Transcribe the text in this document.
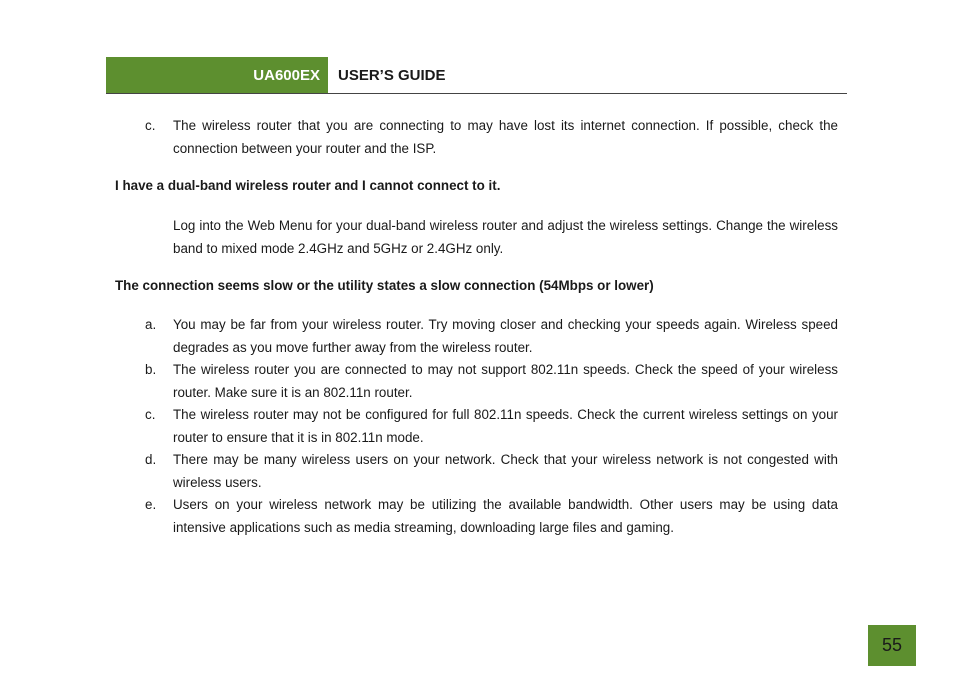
UA600EX USER’S GUIDE
c. The wireless router that you are connecting to may have lost its internet connection. If possible, check the connection between your router and the ISP.
I have a dual-band wireless router and I cannot connect to it.
Log into the Web Menu for your dual-band wireless router and adjust the wireless settings. Change the wireless band to mixed mode 2.4GHz and 5GHz or 2.4GHz only.
The connection seems slow or the utility states a slow connection (54Mbps or lower)
a. You may be far from your wireless router. Try moving closer and checking your speeds again. Wireless speed degrades as you move further away from the wireless router.
b. The wireless router you are connected to may not support 802.11n speeds. Check the speed of your wireless router. Make sure it is an 802.11n router.
c. The wireless router may not be configured for full 802.11n speeds. Check the current wireless settings on your router to ensure that it is in 802.11n mode.
d. There may be many wireless users on your network. Check that your wireless network is not congested with wireless users.
e. Users on your wireless network may be utilizing the available bandwidth. Other users may be using data intensive applications such as media streaming, downloading large files and gaming.
55
